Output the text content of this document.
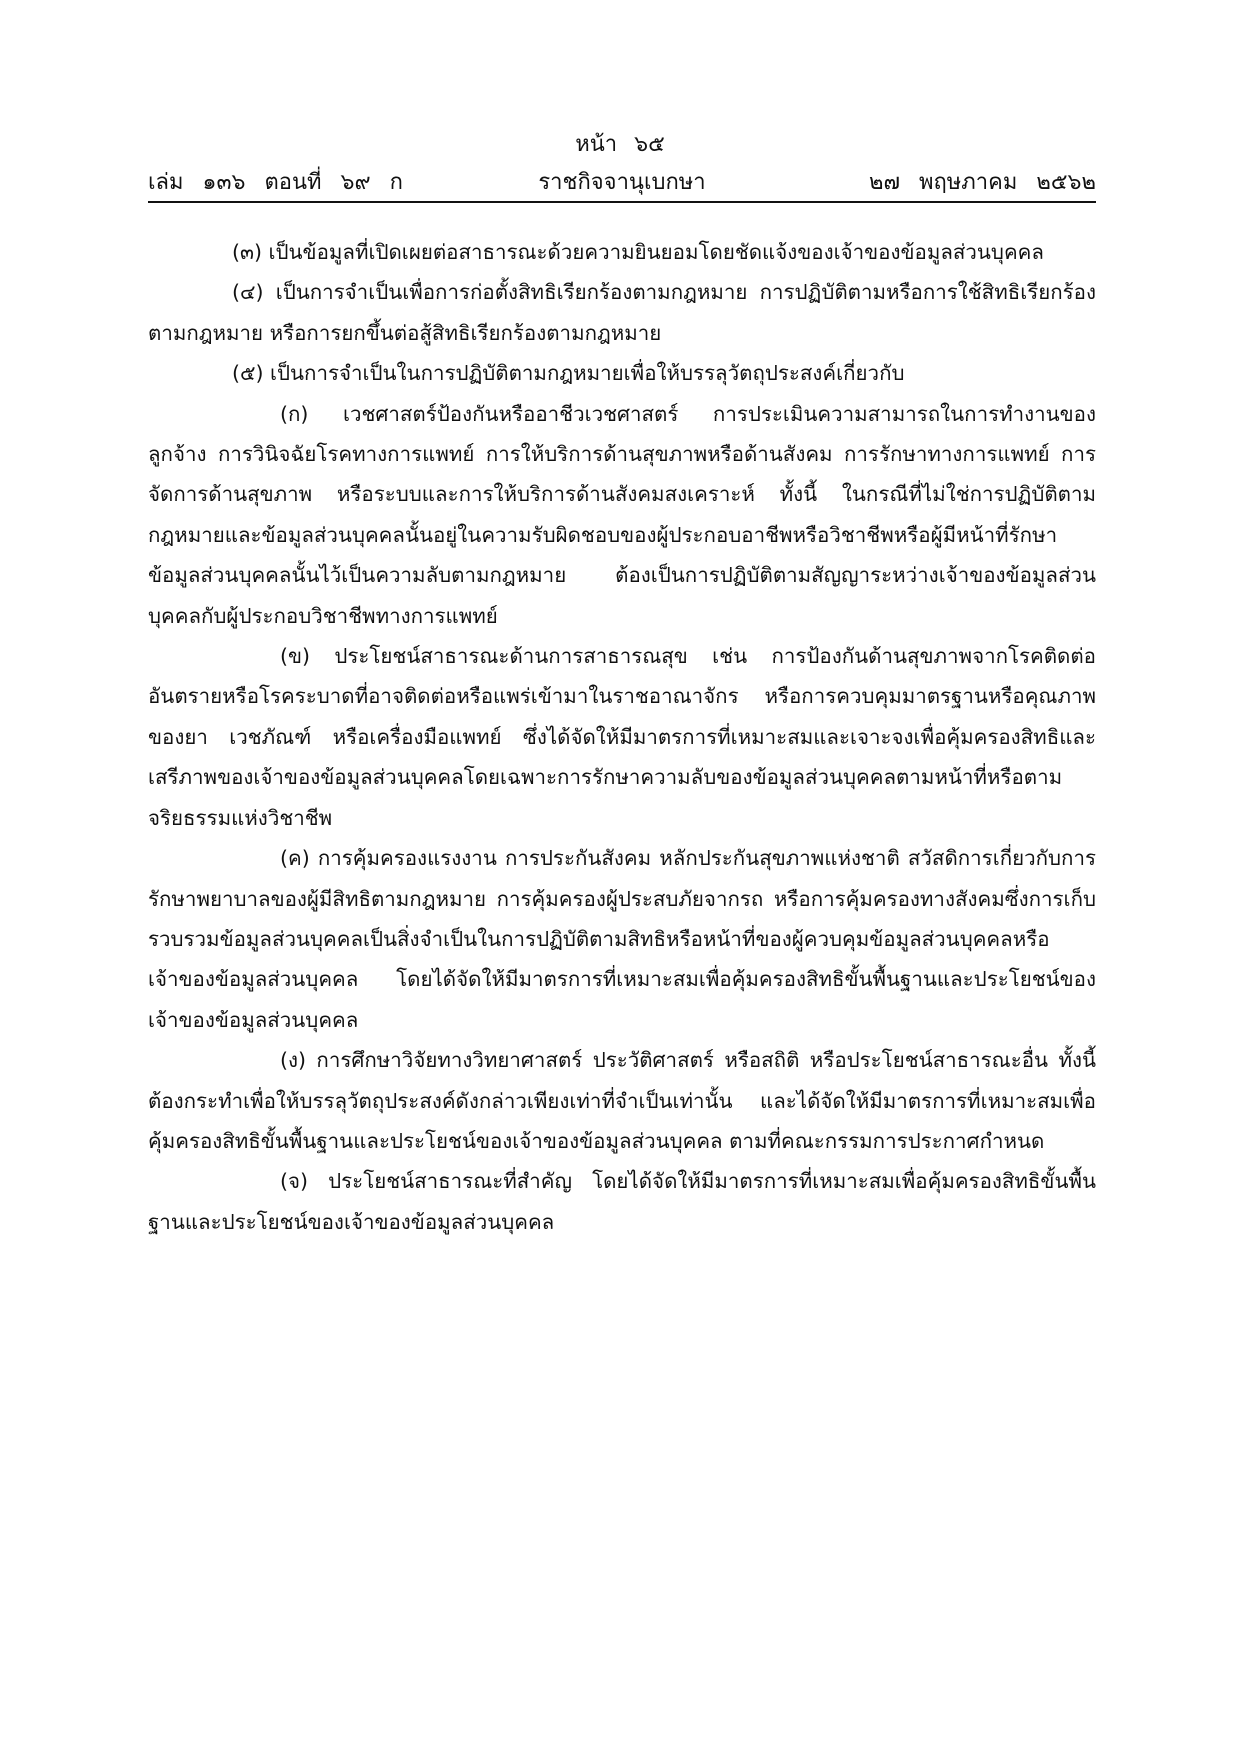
หน้า ๖๕
เล่ม ๑๓๖ ตอนที่ ๖๙ ก	ราชกิจจานุเบกษา	๒๗ พฤษภาคม ๒๕๖๒

(๓) เป็นข้อมูลที่เปิดเผยต่อสาธารณะด้วยความยินยอมโดยชัดแจ้งของเจ้าของข้อมูลส่วนบุคคล

(๔) เป็นการจำเป็นเพื่อการก่อตั้งสิทธิเรียกร้องตามกฎหมาย การปฏิบัติตามหรือการใช้สิทธิเรียกร้องตามกฎหมาย หรือการยกขึ้นต่อสู้สิทธิเรียกร้องตามกฎหมาย

(๕) เป็นการจำเป็นในการปฏิบัติตามกฎหมายเพื่อให้บรรลุวัตถุประสงค์เกี่ยวกับ

(ก) เวชศาสตร์ป้องกันหรืออาชีวเวชศาสตร์ การประเมินความสามารถในการทำงานของลูกจ้าง การวินิจฉัยโรคทางการแพทย์ การให้บริการด้านสุขภาพหรือด้านสังคม การรักษาทางการแพทย์ การจัดการด้านสุขภาพ หรือระบบและการให้บริการด้านสังคมสงเคราะห์ ทั้งนี้ ในกรณีที่ไม่ใช่การปฏิบัติตามกฎหมายและข้อมูลส่วนบุคคลนั้นอยู่ในความรับผิดชอบของผู้ประกอบอาชีพหรือวิชาชีพหรือผู้มีหน้าที่รักษาข้อมูลส่วนบุคคลนั้นไว้เป็นความลับตามกฎหมาย ต้องเป็นการปฏิบัติตามสัญญาระหว่างเจ้าของข้อมูลส่วนบุคคลกับผู้ประกอบวิชาชีพทางการแพทย์

(ข) ประโยชน์สาธารณะด้านการสาธารณสุข เช่น การป้องกันด้านสุขภาพจากโรคติดต่ออันตรายหรือโรคระบาดที่อาจติดต่อหรือแพร่เข้ามาในราชอาณาจักร หรือการควบคุมมาตรฐานหรือคุณภาพของยา เวชภัณฑ์ หรือเครื่องมือแพทย์ ซึ่งได้จัดให้มีมาตรการที่เหมาะสมและเจาะจงเพื่อคุ้มครองสิทธิและเสรีภาพของเจ้าของข้อมูลส่วนบุคคลโดยเฉพาะการรักษาความลับของข้อมูลส่วนบุคคลตามหน้าที่หรือตามจริยธรรมแห่งวิชาชีพ

(ค) การคุ้มครองแรงงาน การประกันสังคม หลักประกันสุขภาพแห่งชาติ สวัสดิการเกี่ยวกับการรักษาพยาบาลของผู้มีสิทธิตามกฎหมาย การคุ้มครองผู้ประสบภัยจากรถ หรือการคุ้มครองทางสังคมซึ่งการเก็บรวบรวมข้อมูลส่วนบุคคลเป็นสิ่งจำเป็นในการปฏิบัติตามสิทธิหรือหน้าที่ของผู้ควบคุมข้อมูลส่วนบุคคลหรือเจ้าของข้อมูลส่วนบุคคล โดยได้จัดให้มีมาตรการที่เหมาะสมเพื่อคุ้มครองสิทธิขั้นพื้นฐานและประโยชน์ของเจ้าของข้อมูลส่วนบุคคล

(ง) การศึกษาวิจัยทางวิทยาศาสตร์ ประวัติศาสตร์ หรือสถิติ หรือประโยชน์สาธารณะอื่น ทั้งนี้ ต้องกระทำเพื่อให้บรรลุวัตถุประสงค์ดังกล่าวเพียงเท่าที่จำเป็นเท่านั้น และได้จัดให้มีมาตรการที่เหมาะสมเพื่อคุ้มครองสิทธิขั้นพื้นฐานและประโยชน์ของเจ้าของข้อมูลส่วนบุคคล ตามที่คณะกรรมการประกาศกำหนด

(จ) ประโยชน์สาธารณะที่สำคัญ โดยได้จัดให้มีมาตรการที่เหมาะสมเพื่อคุ้มครองสิทธิขั้นพื้นฐานและประโยชน์ของเจ้าของข้อมูลส่วนบุคคล
